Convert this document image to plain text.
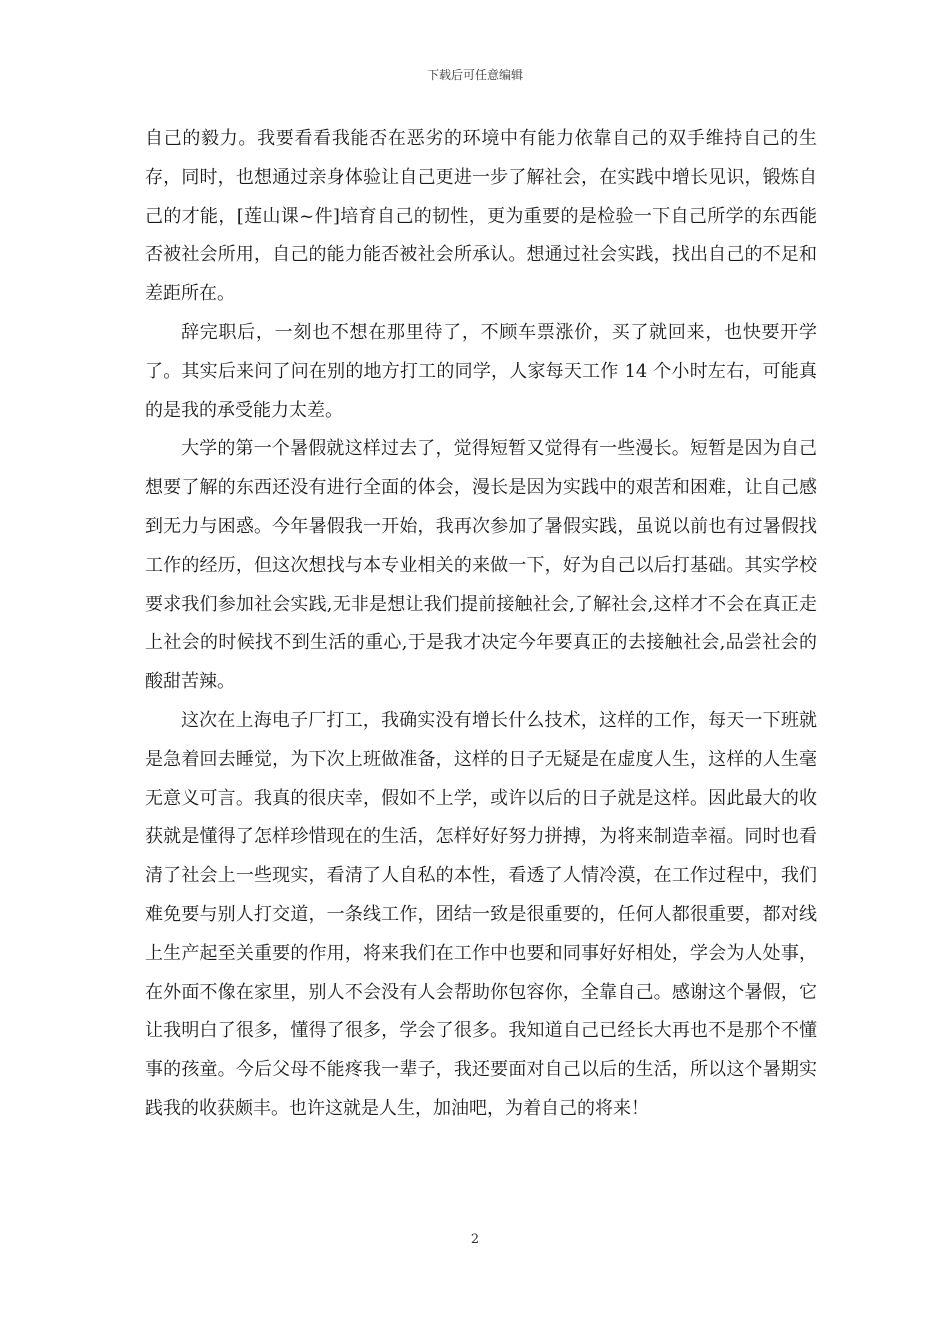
下载后可任意编辑

自己的毅力。我要看看我能否在恶劣的环境中有能力依靠自己的双手维持自己的生存，同时，也想通过亲身体验让自己更进一步了解社会，在实践中增长见识，锻炼自己的才能，[莲山课~件]培育自己的韧性，更为重要的是检验一下自己所学的东西能否被社会所用，自己的能力能否被社会所承认。想通过社会实践，找出自己的不足和差距所在。

辞完职后，一刻也不想在那里待了，不顾车票涨价，买了就回来，也快要开学了。其实后来问了问在别的地方打工的同学，人家每天工作 14 个小时左右，可能真的是我的承受能力太差。

大学的第一个暑假就这样过去了，觉得短暂又觉得有一些漫长。短暂是因为自己想要了解的东西还没有进行全面的体会，漫长是因为实践中的艰苦和困难，让自己感到无力与困惑。今年暑假我一开始，我再次参加了暑假实践，虽说以前也有过暑假找工作的经历，但这次想找与本专业相关的来做一下，好为自己以后打基础。其实学校要求我们参加社会实践,无非是想让我们提前接触社会,了解社会,这样才不会在真正走上社会的时候找不到生活的重心,于是我才决定今年要真正的去接触社会,品尝社会的酸甜苦辣。

这次在上海电子厂打工，我确实没有增长什么技术，这样的工作，每天一下班就是急着回去睡觉，为下次上班做准备，这样的日子无疑是在虚度人生，这样的人生毫无意义可言。我真的很庆幸，假如不上学，或许以后的日子就是这样。因此最大的收获就是懂得了怎样珍惜现在的生活，怎样好好努力拼搏，为将来制造幸福。同时也看清了社会上一些现实，看清了人自私的本性，看透了人情冷漠，在工作过程中，我们难免要与别人打交道，一条线工作，团结一致是很重要的，任何人都很重要，都对线上生产起至关重要的作用，将来我们在工作中也要和同事好好相处，学会为人处事，在外面不像在家里，别人不会没有人会帮助你包容你，全靠自己。感谢这个暑假，它让我明白了很多，懂得了很多，学会了很多。我知道自己已经长大再也不是那个不懂事的孩童。今后父母不能疼我一辈子，我还要面对自己以后的生活，所以这个暑期实践我的收获颇丰。也许这就是人生，加油吧，为着自己的将来！

2
